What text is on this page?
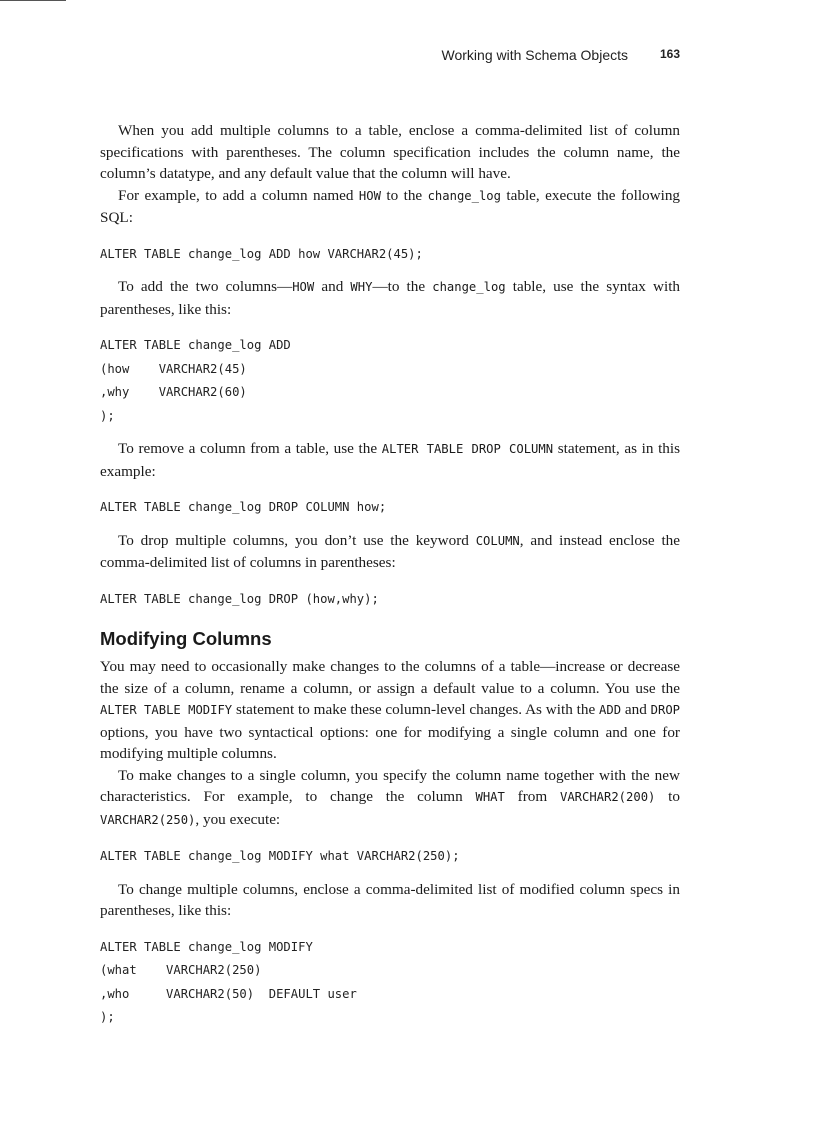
Working with Schema Objects	163

When you add multiple columns to a table, enclose a comma-delimited list of column specifications with parentheses. The column specification includes the column name, the column’s datatype, and any default value that the column will have.

For example, to add a column named HOW to the change_log table, execute the following SQL:

ALTER TABLE change_log ADD how VARCHAR2(45);

To add the two columns—HOW and WHY—to the change_log table, use the syntax with parentheses, like this:

ALTER TABLE change_log ADD
(how    VARCHAR2(45)
,why    VARCHAR2(60)
);

To remove a column from a table, use the ALTER TABLE DROP COLUMN statement, as in this example:

ALTER TABLE change_log DROP COLUMN how;

To drop multiple columns, you don’t use the keyword COLUMN, and instead enclose the comma-delimited list of columns in parentheses:

ALTER TABLE change_log DROP (how,why);
Modifying Columns

You may need to occasionally make changes to the columns of a table—increase or decrease the size of a column, rename a column, or assign a default value to a column. You use the ALTER TABLE MODIFY statement to make these column-level changes. As with the ADD and DROP options, you have two syntactical options: one for modifying a single column and one for modifying multiple columns.

To make changes to a single column, you specify the column name together with the new characteristics. For example, to change the column WHAT from VARCHAR2(200) to VARCHAR2(250), you execute:

ALTER TABLE change_log MODIFY what VARCHAR2(250);

To change multiple columns, enclose a comma-delimited list of modified column specs in parentheses, like this:

ALTER TABLE change_log MODIFY
(what    VARCHAR2(250)
,who     VARCHAR2(50)  DEFAULT user
);
